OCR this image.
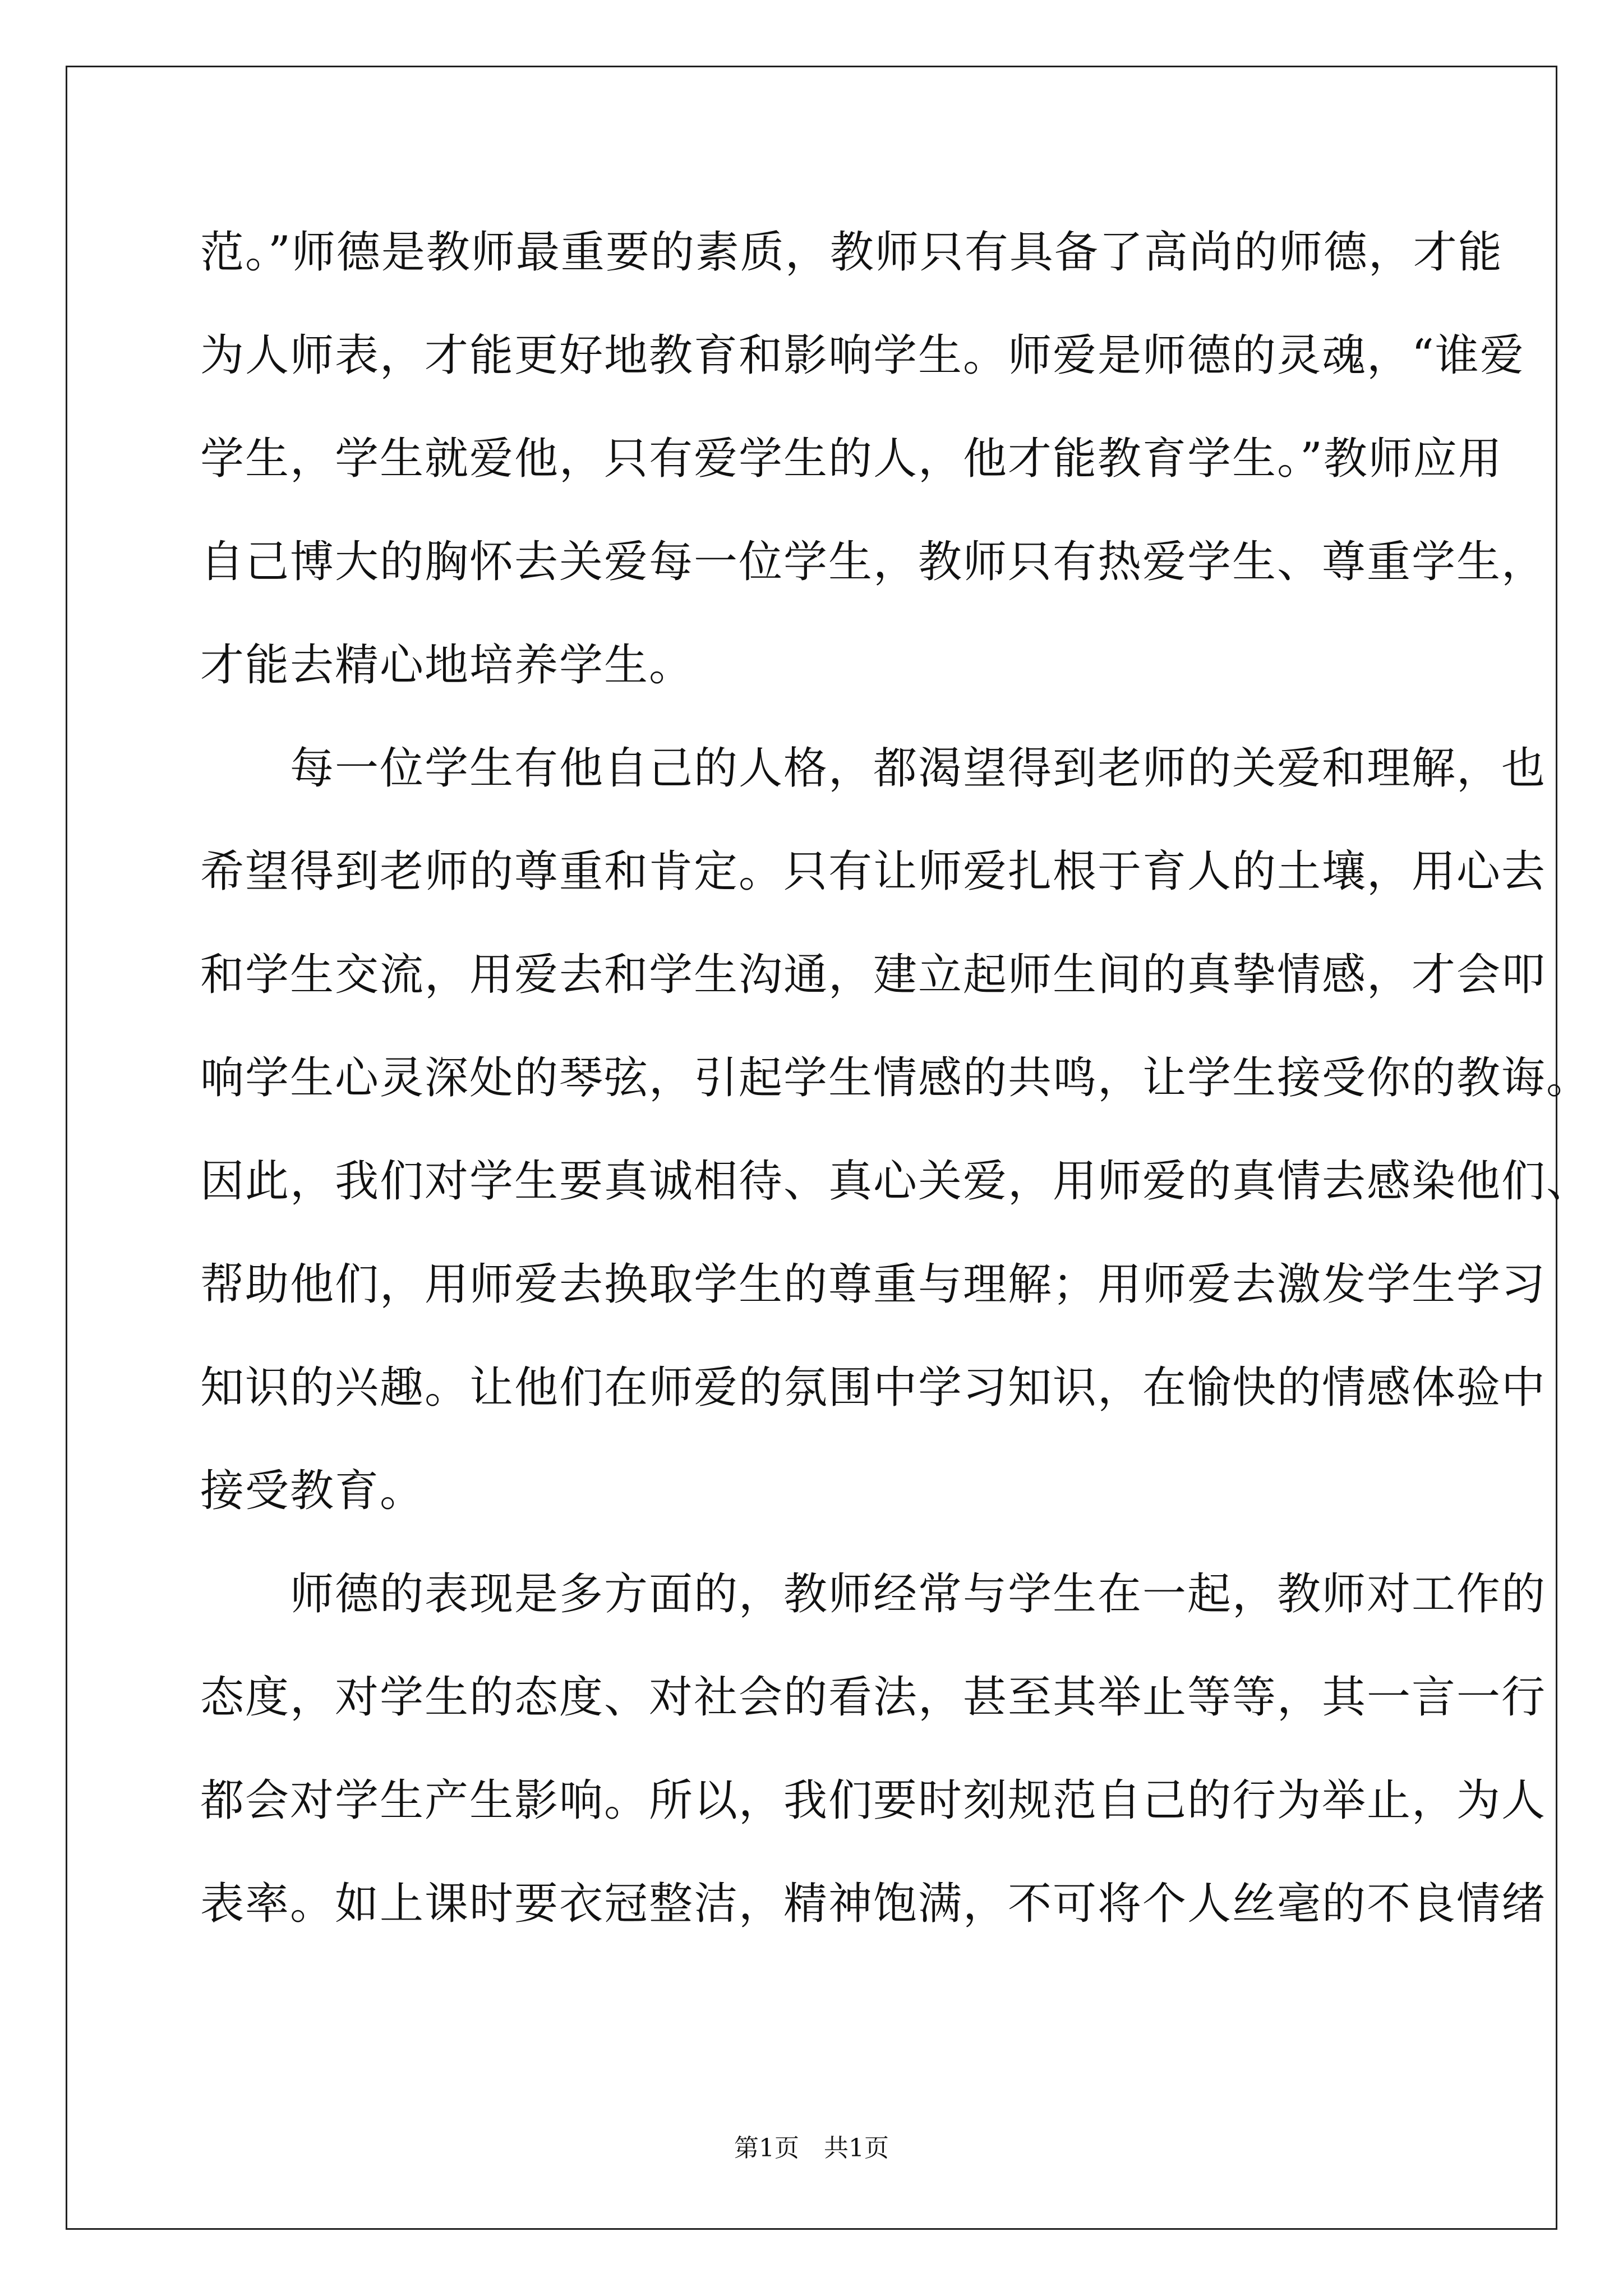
范。”师德是教师最重要的素质，教师只有具备了高尚的师德，才能
为人师表，才能更好地教育和影响学生。师爱是师德的灵魂，“谁爱
学生，学生就爱他，只有爱学生的人，他才能教育学生。”教师应用
自己博大的胸怀去关爱每一位学生，教师只有热爱学生、尊重学生，
才能去精心地培养学生。
　　每一位学生有他自己的人格，都渴望得到老师的关爱和理解，也
希望得到老师的尊重和肯定。只有让师爱扎根于育人的土壤，用心去
和学生交流，用爱去和学生沟通，建立起师生间的真挚情感，才会叩
响学生心灵深处的琴弦，引起学生情感的共鸣，让学生接受你的教诲。
因此，我们对学生要真诚相待、真心关爱，用师爱的真情去感染他们、
帮助他们，用师爱去换取学生的尊重与理解；用师爱去激发学生学习
知识的兴趣。让他们在师爱的氛围中学习知识，在愉快的情感体验中
接受教育。
　　师德的表现是多方面的，教师经常与学生在一起，教师对工作的
态度，对学生的态度、对社会的看法，甚至其举止等等，其一言一行
都会对学生产生影响。所以，我们要时刻规范自己的行为举止，为人
表率。如上课时要衣冠整洁，精神饱满，不可将个人丝毫的不良情绪
第1页　共1页
